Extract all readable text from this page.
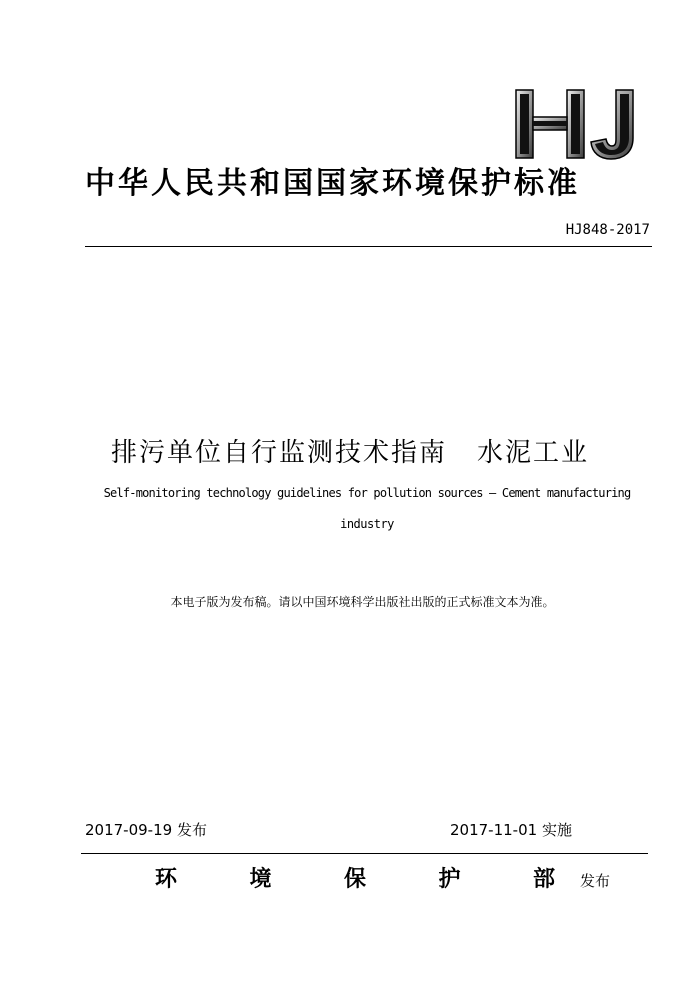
中华人民共和国国家环境保护标准
HJ848-2017
排污单位自行监测技术指南 水泥工业
Self-monitoring technology guidelines for pollution sources — Cement manufacturing
industry
本电子版为发布稿。请以中国环境科学出版社出版的正式标准文本为准。
2017-09-19 发布	2017-11-01 实施
环	境	保	护	部 发布
